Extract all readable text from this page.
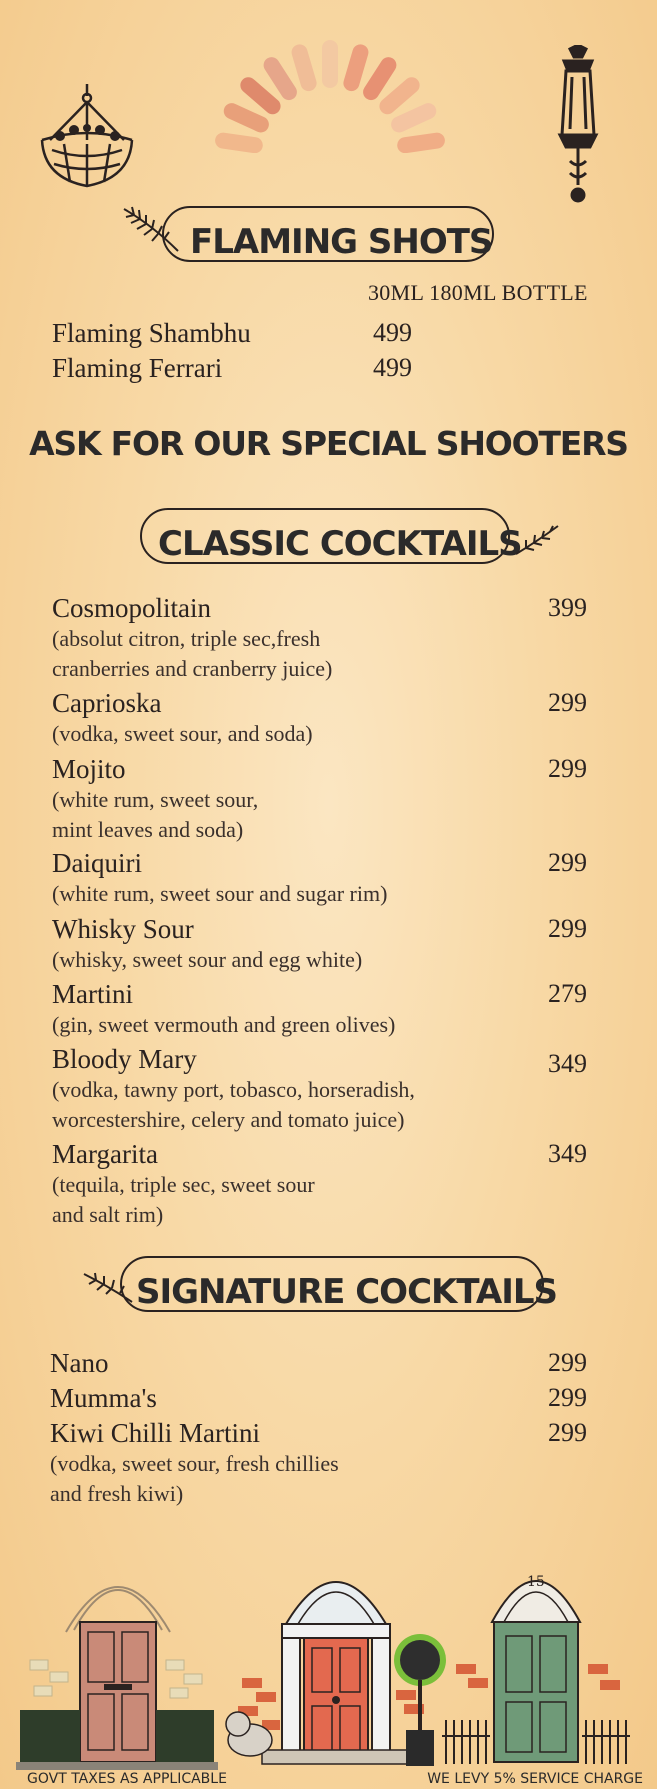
FLAMING SHOTS
30ML 180ML BOTTLE
Flaming Shambhu	499
Flaming Ferrari	499
ASK FOR OUR SPECIAL SHOOTERS
CLASSIC COCKTAILS
Cosmopolitain	399
(absolut citron, triple sec,fresh
cranberries and cranberry juice)
Caprioska	299
(vodka, sweet sour, and soda)
Mojito	299
(white rum, sweet sour,
mint leaves and soda)
Daiquiri	299
(white rum, sweet sour and sugar rim)
Whisky Sour	299
(whisky, sweet sour and egg white)
Martini	279
(gin, sweet vermouth and green olives)
Bloody Mary	349
(vodka, tawny port, tobasco, horseradish,
worcestershire, celery and tomato juice)
Margarita	349
(tequila, triple sec, sweet sour
and salt rim)
SIGNATURE COCKTAILS
Nano	299
Mumma's	299
Kiwi Chilli Martini	299
(vodka, sweet sour, fresh chillies
and fresh kiwi)
15
GOVT TAXES AS APPLICABLE	WE LEVY 5% SERVICE CHARGE
